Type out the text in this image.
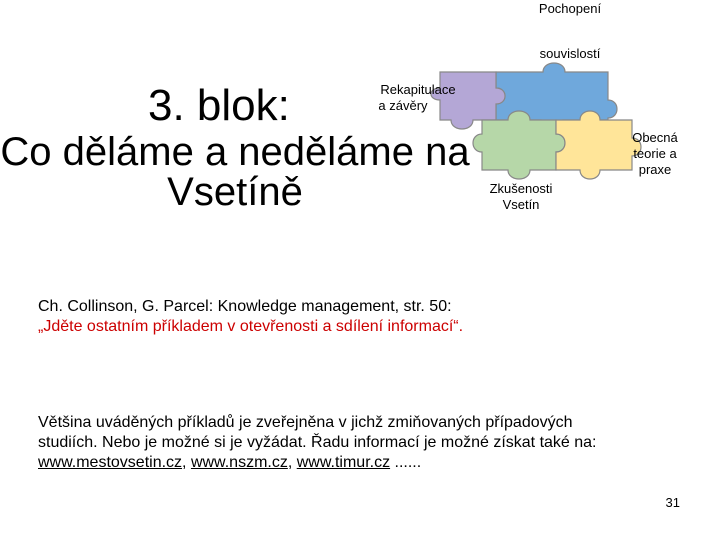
3. blok:
Co děláme a neděláme na Vsetíně
Pochopení
souvislostí
Rekapitulace
a závěry
Zkušenosti
Vsetín
Obecná
teorie a
praxe
Ch. Collinson, G. Parcel: Knowledge management, str. 50:
„Jděte ostatním příkladem v otevřenosti a sdílení informací“.
Většina uváděných příkladů je zveřejněna v jichž zmiňovaných případových
studiích. Nebo je možné si je vyžádat. Řadu informací je možné získat také na:
www.mestovsetin.cz, www.nszm.cz, www.timur.cz ......
31
